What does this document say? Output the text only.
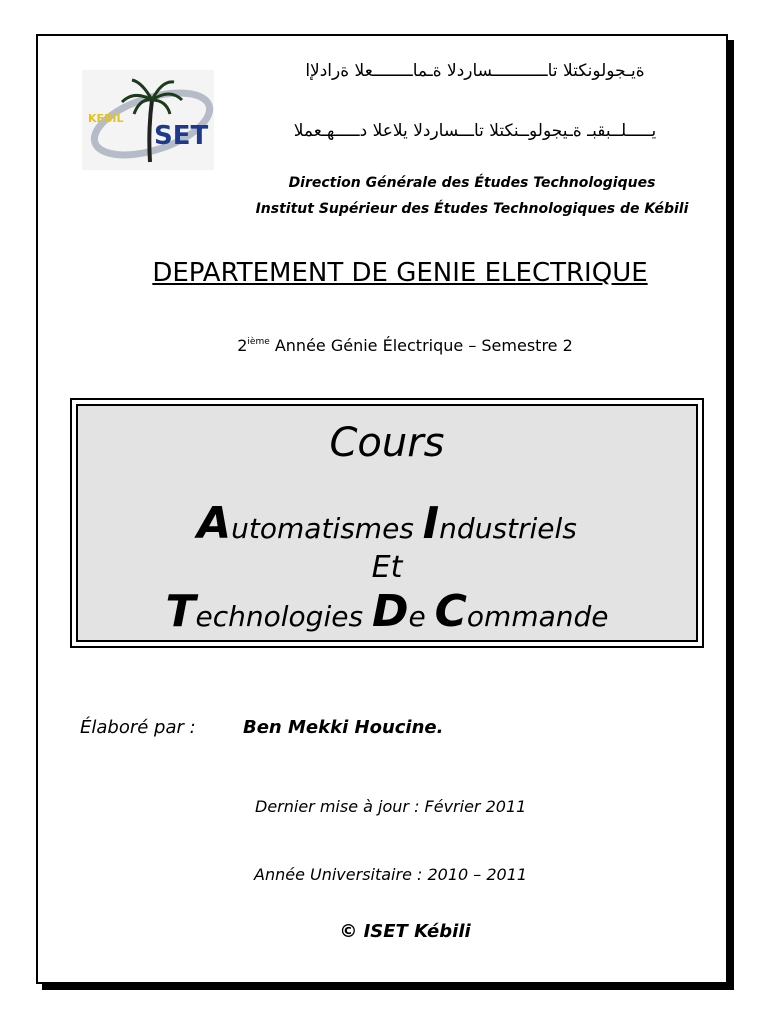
KEBIL
SET
ةيـجولونكتلا تاـــــــــــساردلا ةـماــــــــعلا ةرادلإا
يـــــلــبقبـ ةـيجولوــنكتلا تاـــساردلا يلاعلا دـــــهـعملا
Direction Générale des Études Technologiques
Institut Supérieur des Études Technologiques de Kébili
DEPARTEMENT DE GENIE ELECTRIQUE
2ième Année Génie Électrique – Semestre 2
Cours
Automatismes Industriels
Et
Technologies De Commande
Élaboré par :	Ben Mekki Houcine.
Dernier mise à jour : Février 2011
Année Universitaire : 2010 – 2011
© ISET Kébili
